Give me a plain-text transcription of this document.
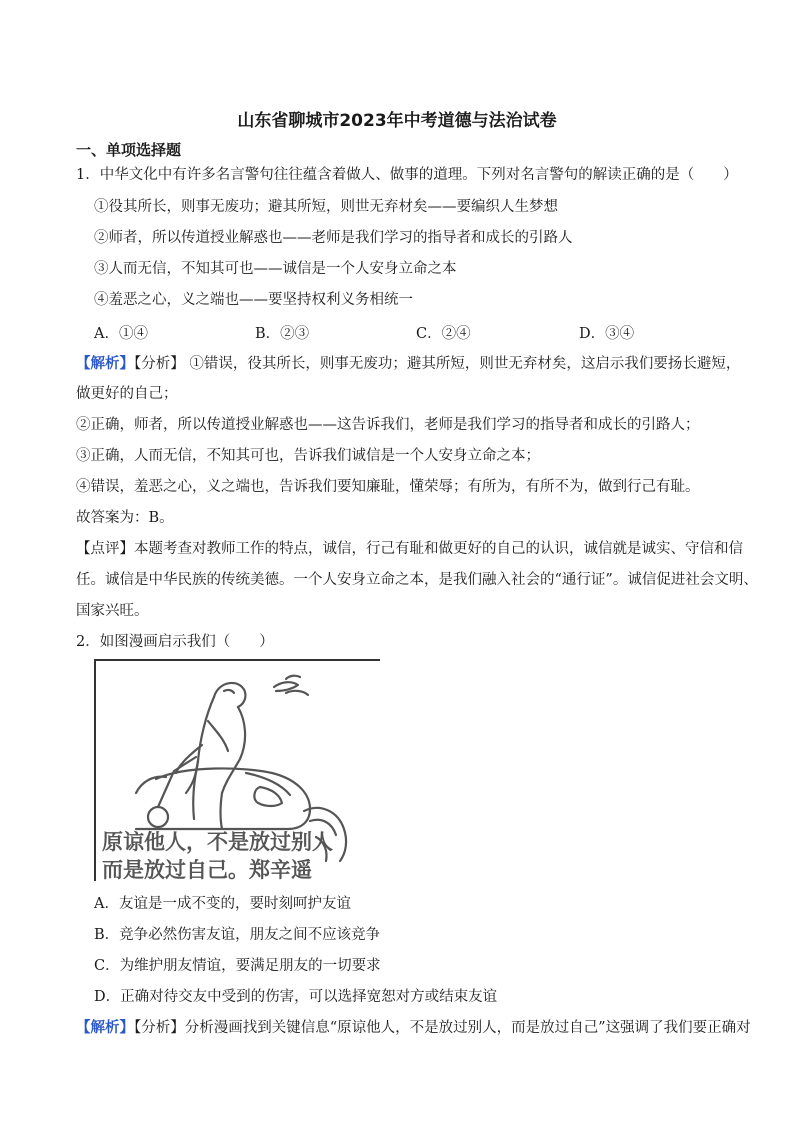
山东省聊城市2023年中考道德与法治试卷
一、单项选择题
1．中华文化中有许多名言警句往往蕴含着做人、做事的道理。下列对名言警句的解读正确的是（　　）
①役其所长，则事无废功；避其所短，则世无弃材矣——要编织人生梦想
②师者，所以传道授业解惑也——老师是我们学习的指导者和成长的引路人
③人而无信，不知其可也——诚信是一个人安身立命之本
④羞恶之心，义之端也——要坚持权利义务相统一
A．①④	B．②③	C．②④	D．③④
【解析】【分析】 ①错误，役其所长，则事无废功；避其所短，则世无弃材矣，这启示我们要扬长避短，
做更好的自己；
②正确，师者，所以传道授业解惑也——这告诉我们，老师是我们学习的指导者和成长的引路人；
③正确，人而无信，不知其可也，告诉我们诚信是一个人安身立命之本；
④错误，羞恶之心，义之端也，告诉我们要知廉耻，懂荣辱；有所为，有所不为，做到行己有耻。
故答案为：B。
【点评】本题考查对教师工作的特点，诚信，行己有耻和做更好的自己的认识，诚信就是诚实、守信和信
任。诚信是中华民族的传统美德。一个人安身立命之本，是我们融入社会的“通行证”。诚信促进社会文明、
国家兴旺。
2．如图漫画启示我们（　　）
原谅他人，不是放过别人
而是放过自己。郑辛遥
A．友谊是一成不变的，要时刻呵护友谊
B．竞争必然伤害友谊，朋友之间不应该竞争
C．为维护朋友情谊，要满足朋友的一切要求
D．正确对待交友中受到的伤害，可以选择宽恕对方或结束友谊
【解析】【分析】分析漫画找到关键信息“原谅他人，不是放过别人，而是放过自己”这强调了我们要正确对
